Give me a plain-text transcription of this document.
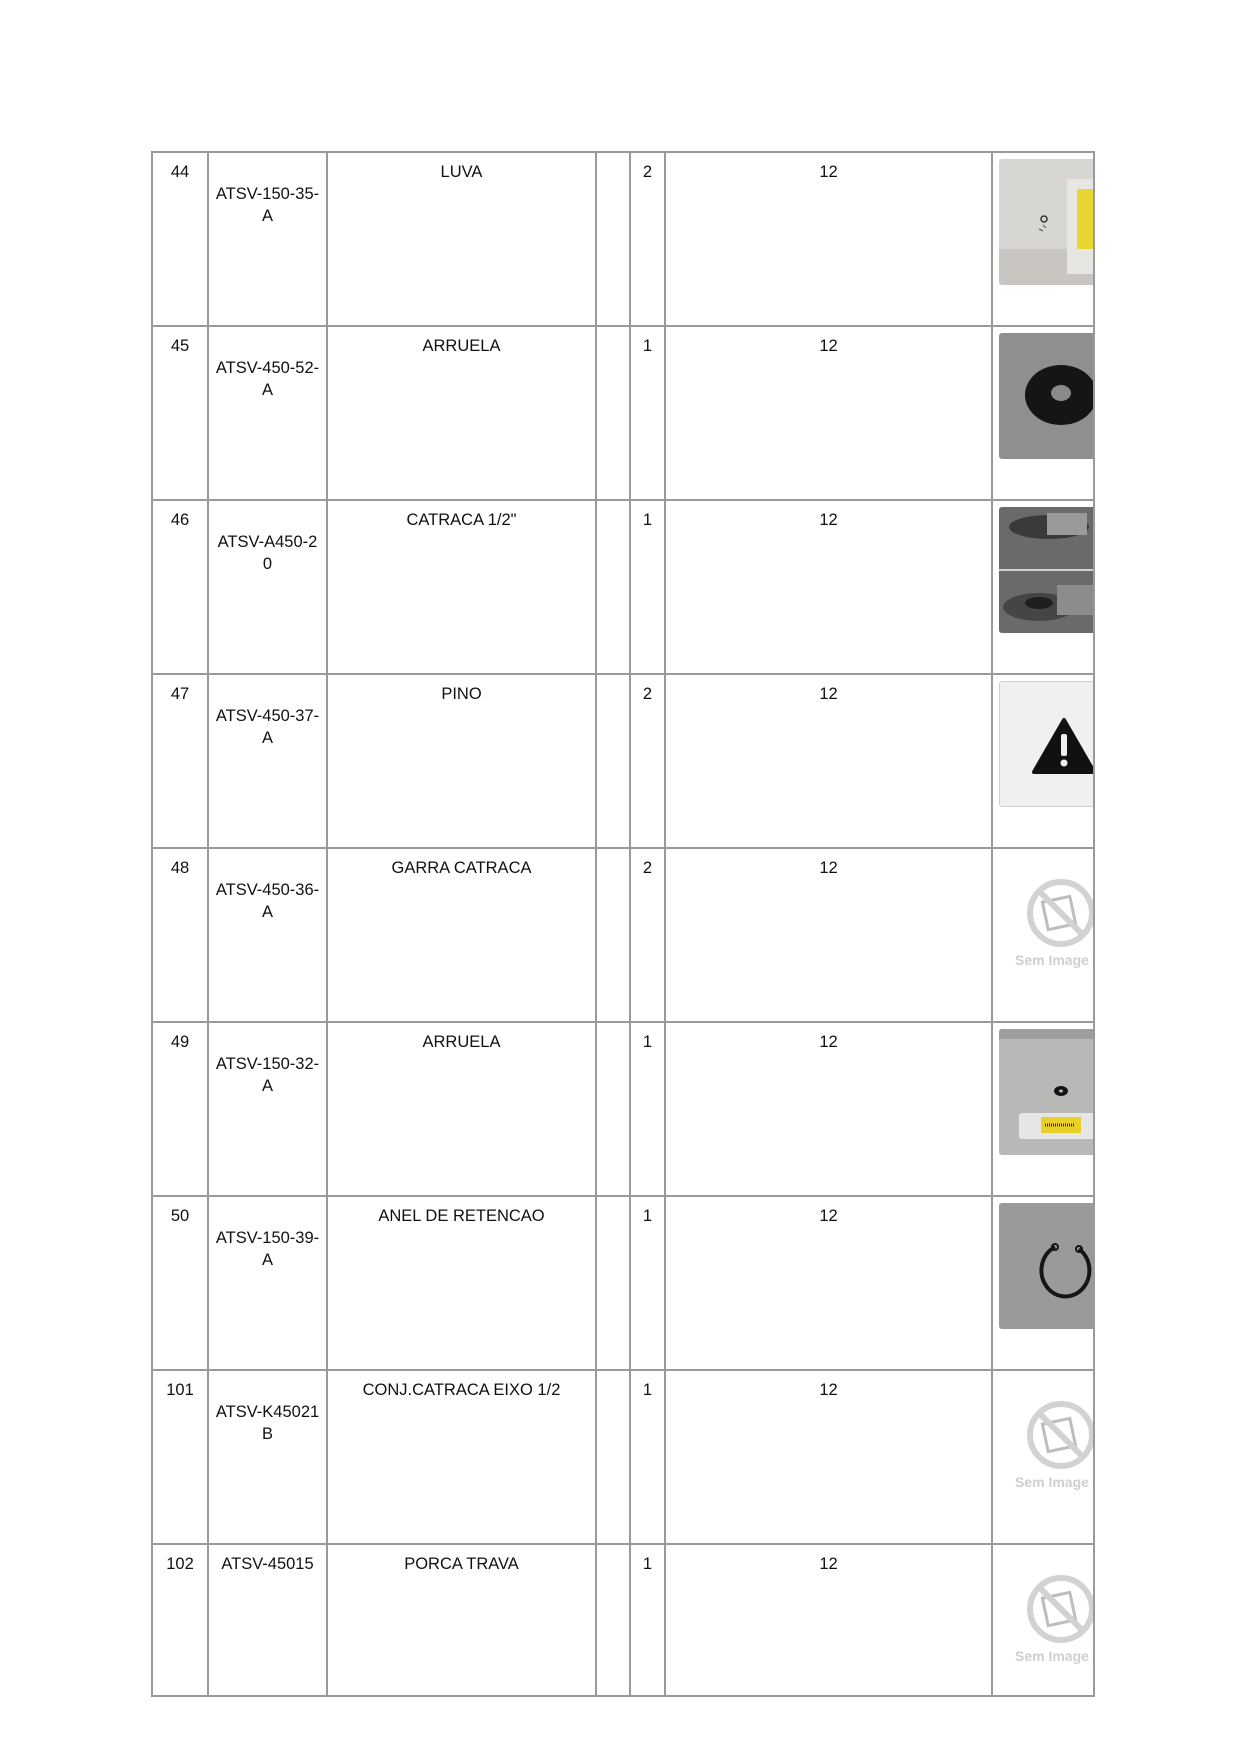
44	ATSV-150-35-A	LUVA		2	12	

45	ATSV-450-52-A	ARRUELA		1	12	

46	ATSV-A450-20	CATRACA 1/2"		1	12	

47	ATSV-450-37-A	PINO		2	12	

48	ATSV-450-36-A	GARRA CATRACA		2	12	Sem Image

49	ATSV-150-32-A	ARRUELA		1	12	

50	ATSV-150-39-A	ANEL DE RETENCAO		1	12	

101	ATSV-K45021B	CONJ.CATRACA EIXO 1/2		1	12	Sem Image

102	ATSV-45015	PORCA TRAVA		1	12	Sem Image
